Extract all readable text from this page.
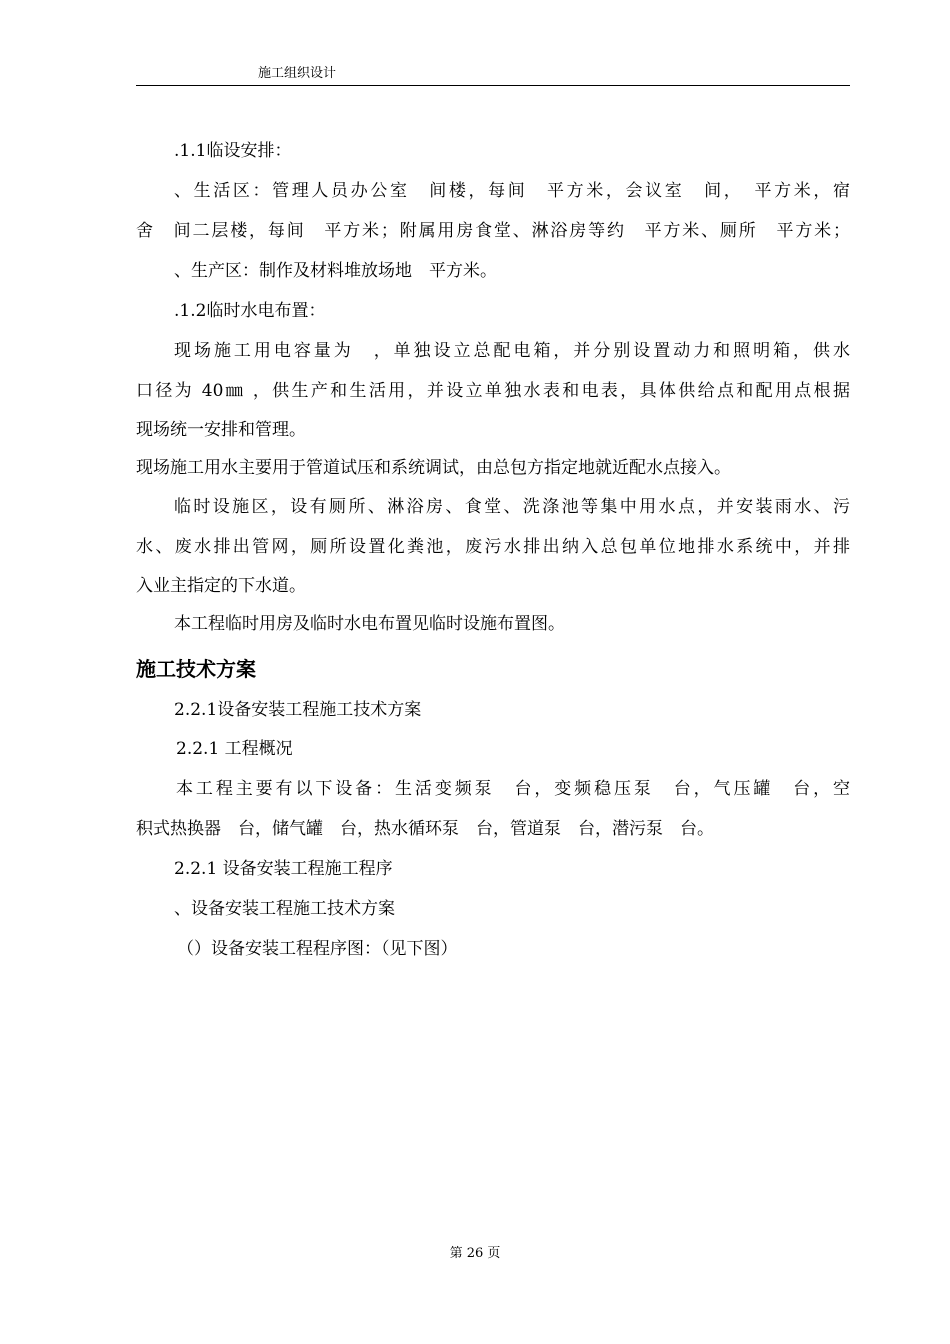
施工组织设计
.1.1临设安排：
、生活区：管理人员办公室　间楼，每间　平方米，会议室　间，　平方米，宿
舍　间二层楼，每间　平方米；附属用房食堂、淋浴房等约　平方米、厕所　平方米；
、生产区：制作及材料堆放场地　平方米。
.1.2临时水电布置：
现场施工用电容量为　，单独设立总配电箱，并分别设置动力和照明箱，供水
口径为 40㎜ ，供生产和生活用，并设立单独水表和电表，具体供给点和配用点根据
现场统一安排和管理。
现场施工用水主要用于管道试压和系统调试，由总包方指定地就近配水点接入。
临时设施区，设有厕所、淋浴房、食堂、洗涤池等集中用水点，并安装雨水、污
水、废水排出管网，厕所设置化粪池，废污水排出纳入总包单位地排水系统中，并排
入业主指定的下水道。
本工程临时用房及临时水电布置见临时设施布置图。
施工技术方案
2.2.1设备安装工程施工技术方案
2.2.1 工程概况
本工程主要有以下设备：生活变频泵　台，变频稳压泵　台，气压罐　台，空
积式热换器　台，储气罐　台，热水循环泵　台，管道泵　台，潜污泵　台。
2.2.1 设备安装工程施工程序
、设备安装工程施工技术方案
（）设备安装工程程序图：（见下图）
第 26 页
